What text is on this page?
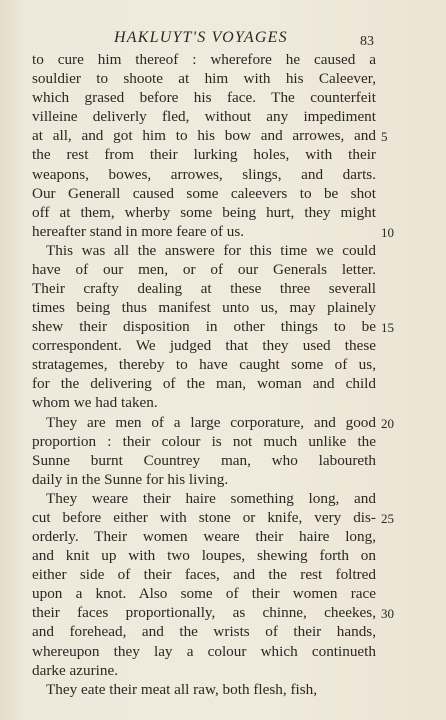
HAKLUYT'S VOYAGES	83
to cure him thereof : wherefore he caused a
souldier to shoote at him with his Caleever,
which grased before his face. The counterfeit
villeine deliverly fled, without any impediment
at all, and got him to his bow and arrowes, and 5
the rest from their lurking holes, with their
weapons, bowes, arrowes, slings, and darts.
Our Generall caused some caleevers to be shot
off at them, wherby some being hurt, they might
hereafter stand in more feare of us.	10
This was all the answere for this time we could
have of our men, or of our Generals letter.
Their crafty dealing at these three severall
times being thus manifest unto us, may plainely
shew their disposition in other things to be 15
correspondent. We judged that they used these
stratagemes, thereby to have caught some of us,
for the delivering of the man, woman and child
whom we had taken.
They are men of a large corporature, and good 20
proportion : their colour is not much unlike the
Sunne burnt Countrey man, who laboureth
daily in the Sunne for his living.
They weare their haire something long, and
cut before either with stone or knife, very dis- 25
orderly. Their women weare their haire long,
and knit up with two loupes, shewing forth on
either side of their faces, and the rest foltred
upon a knot. Also some of their women race
their faces proportionally, as chinne, cheekes, 30
and forehead, and the wrists of their hands,
whereupon they lay a colour which continueth
darke azurine.
They eate their meat all raw, both flesh, fish,
